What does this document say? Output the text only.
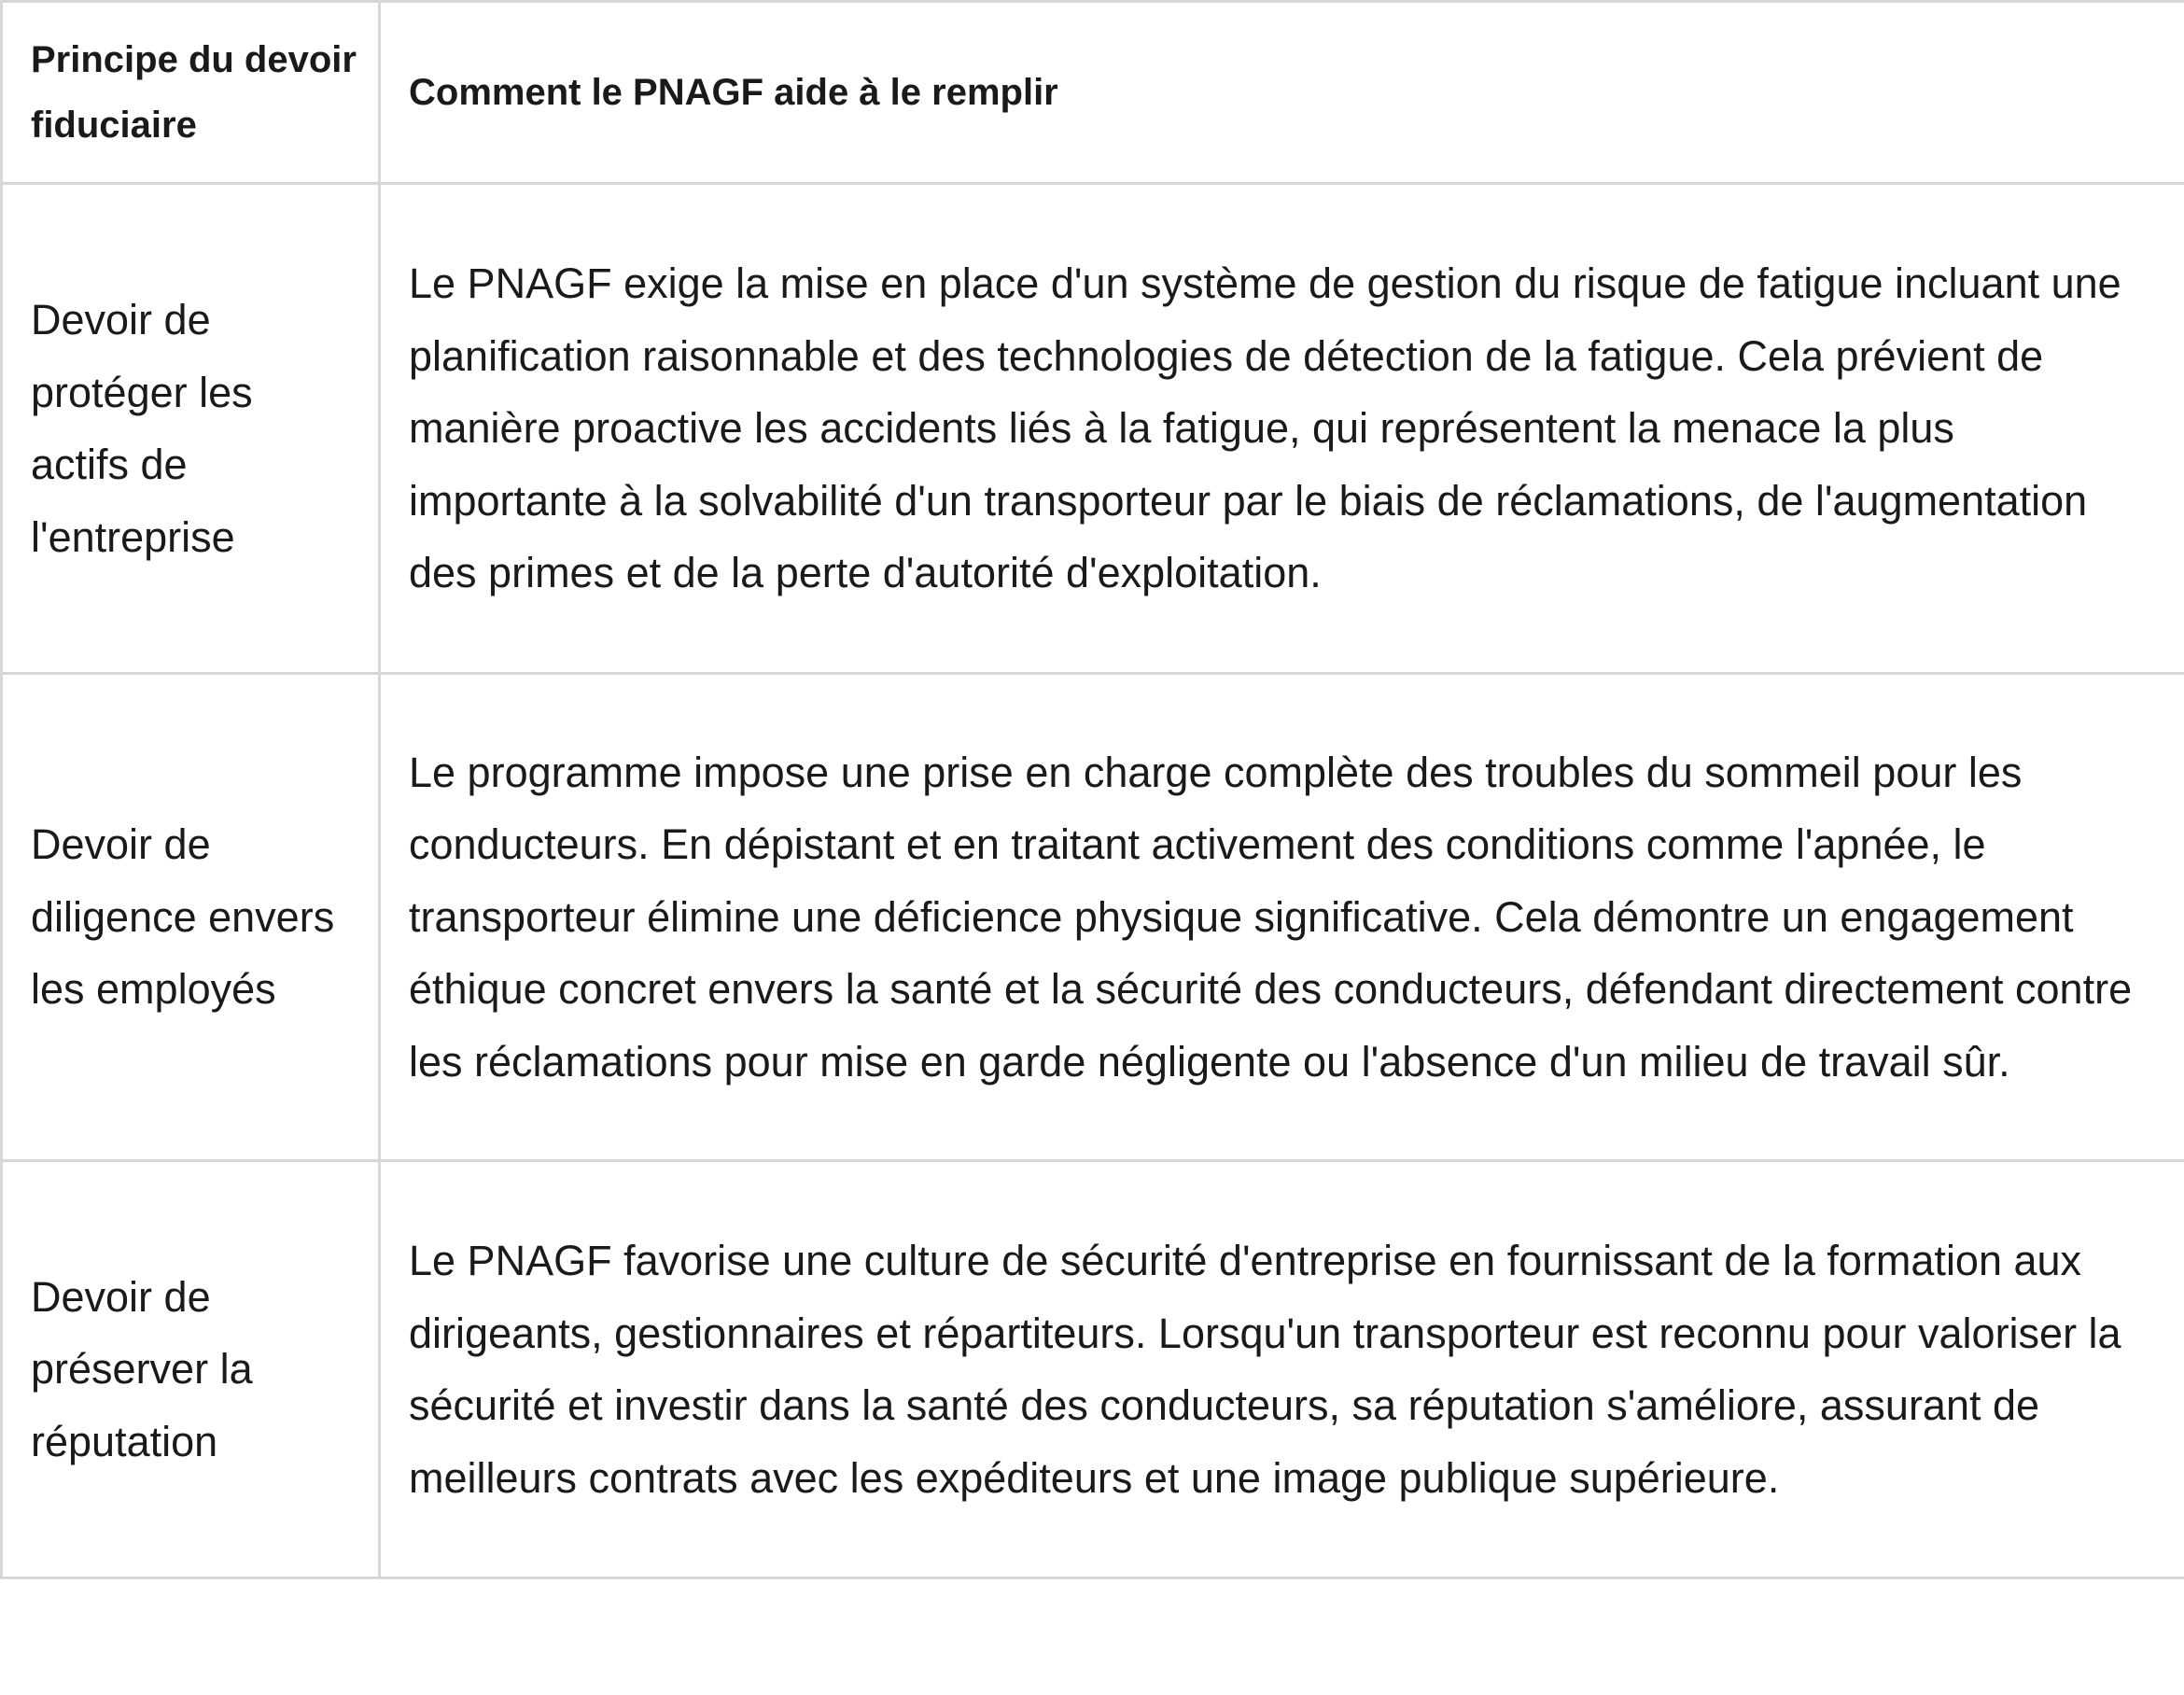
Principe du devoir fiduciaire	Comment le PNAGF aide à le remplir
Devoir de protéger les actifs de l'entreprise	Le PNAGF exige la mise en place d'un système de gestion du risque de fatigue incluant une planification raisonnable et des technologies de détection de la fatigue. Cela prévient de manière proactive les accidents liés à la fatigue, qui représentent la menace la plus importante à la solvabilité d'un transporteur par le biais de réclamations, de l'augmentation des primes et de la perte d'autorité d'exploitation.
Devoir de diligence envers les employés	Le programme impose une prise en charge complète des troubles du sommeil pour les conducteurs. En dépistant et en traitant activement des conditions comme l'apnée, le transporteur élimine une déficience physique significative. Cela démontre un engagement éthique concret envers la santé et la sécurité des conducteurs, défendant directement contre les réclamations pour mise en garde négligente ou l'absence d'un milieu de travail sûr.
Devoir de préserver la réputation	Le PNAGF favorise une culture de sécurité d'entreprise en fournissant de la formation aux dirigeants, gestionnaires et répartiteurs. Lorsqu'un transporteur est reconnu pour valoriser la sécurité et investir dans la santé des conducteurs, sa réputation s'améliore, assurant de meilleurs contrats avec les expéditeurs et une image publique supérieure.
